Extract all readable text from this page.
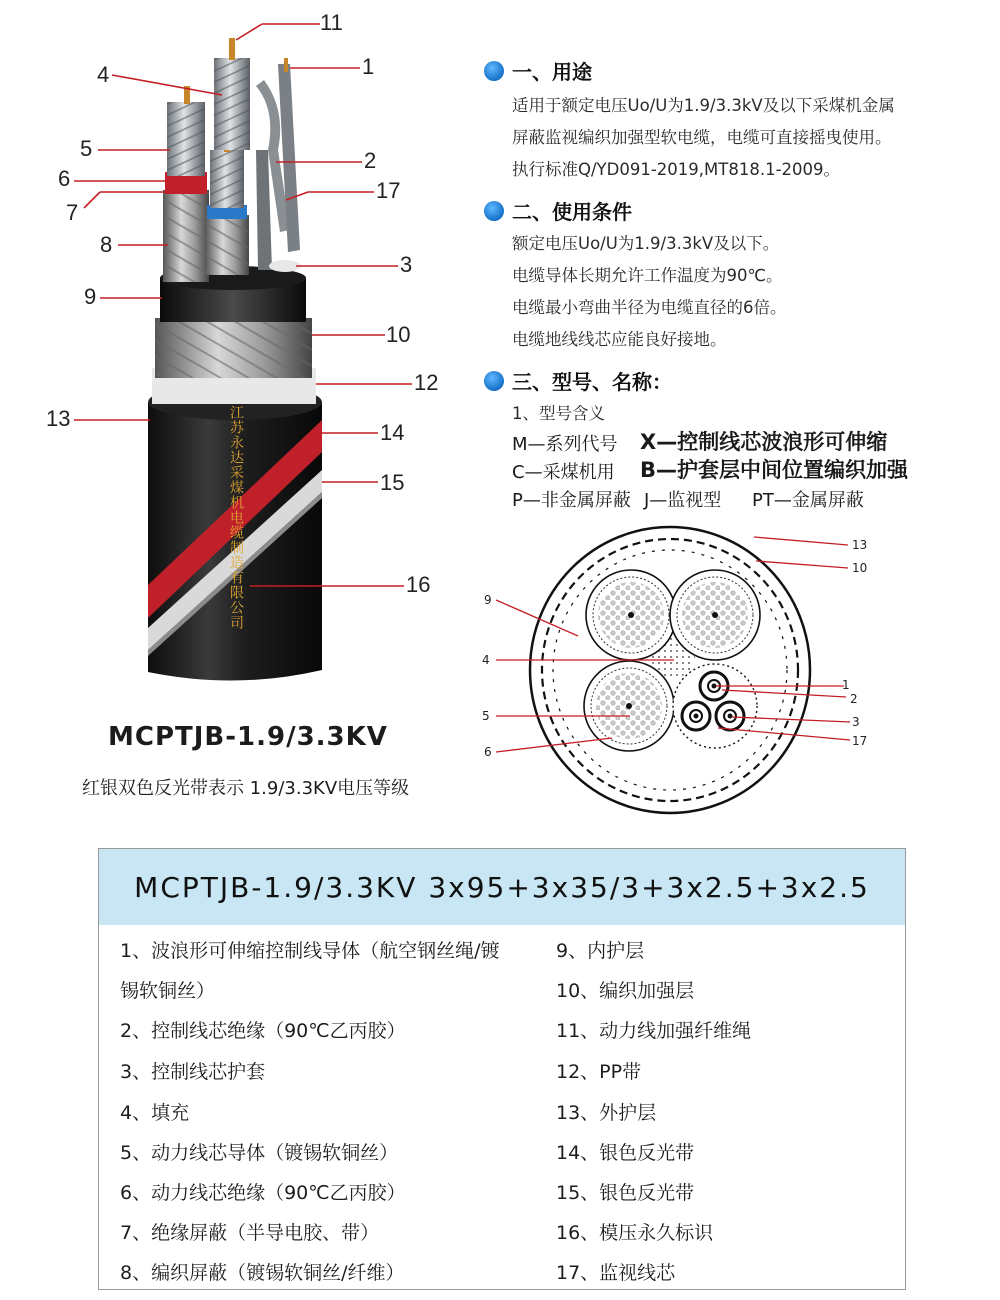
江苏永达采煤机电缆制造有限公司
11
1
4
2
5
17
6
7
8
3
9
10
12
13
14
15
16
MCPTJB-1.9/3.3KV
红银双色反光带表示 1.9/3.3KV电压等级
一、用途
适用于额定电压Uo/U为1.9/3.3kV及以下采煤机金属
屏蔽监视编织加强型软电缆，电缆可直接摇曳使用。
执行标准Q/YD091-2019,MT818.1-2009。
二、使用条件
额定电压Uo/U为1.9/3.3kV及以下。
电缆导体长期允许工作温度为90℃。
电缆最小弯曲半径为电缆直径的6倍。
电缆地线线芯应能良好接地。
三、型号、名称：
1、型号含义
M—系列代号 X—控制线芯波浪形可伸缩
C—采煤机用 B—护套层中间位置编织加强
P—非金属屏蔽 J—监视型 PT—金属屏蔽
9
4
5
6
13
10
1
2
3
17
MCPTJB-1.9/3.3KV 3x95+3x35/3+3x2.5+3x2.5
1、波浪形可伸缩控制线导体（航空钢丝绳/镀
锡软铜丝）
2、控制线芯绝缘（90℃乙丙胶）
3、控制线芯护套
4、填充
5、动力线芯导体（镀锡软铜丝）
6、动力线芯绝缘（90℃乙丙胶）
7、绝缘屏蔽（半导电胶、带）
8、编织屏蔽（镀锡软铜丝/纤维）
9、内护层
10、编织加强层
11、动力线加强纤维绳
12、PP带
13、外护层
14、银色反光带
15、银色反光带
16、模压永久标识
17、监视线芯
